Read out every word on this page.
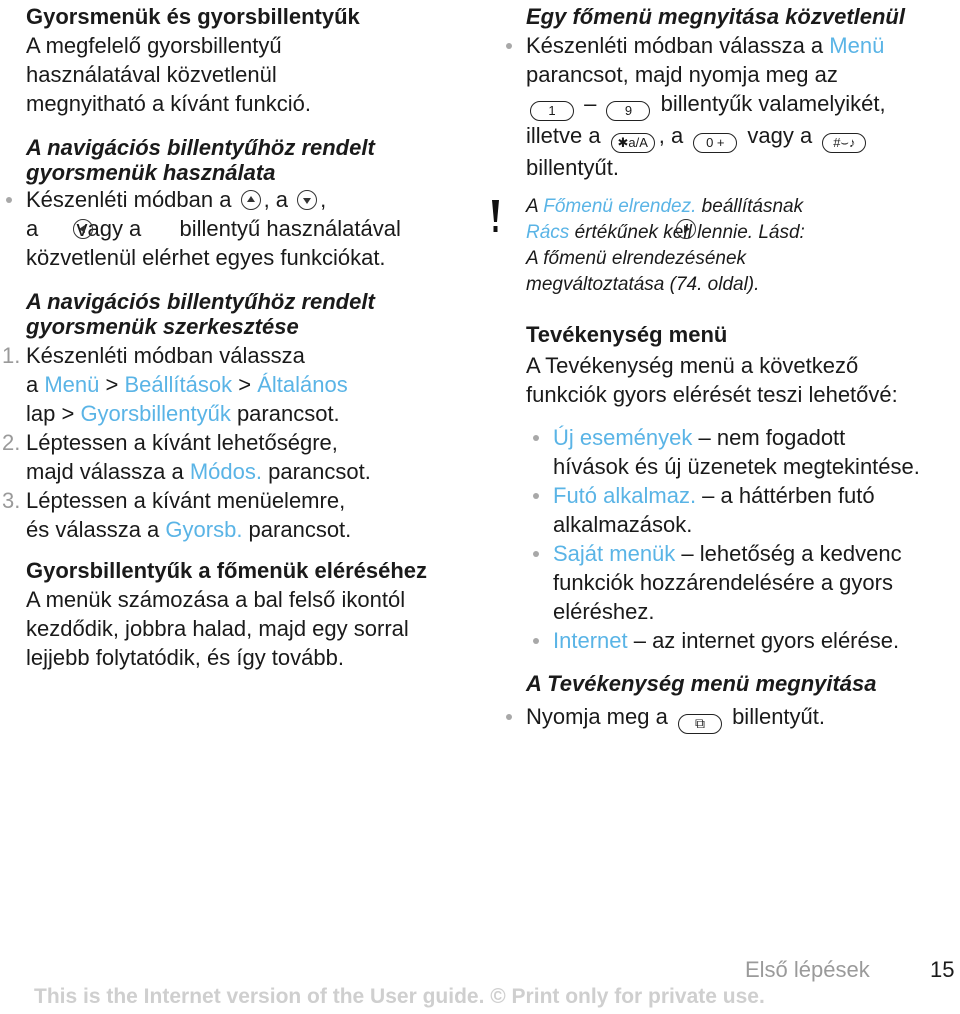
Gyorsmenük és gyorsbillentyűk
A megfelelő gyorsbillentyű
használatával közvetlenül
megnyitható a kívánt funkció.
A navigációs billentyűhöz rendelt
gyorsmenük használata
Készenléti módban a , a ,
a  vagy a  billentyű használatával
közvetlenül elérhet egyes funkciókat.
A navigációs billentyűhöz rendelt
gyorsmenük szerkesztése
1. Készenléti módban válassza
a Menü > Beállítások > Általános
lap > Gyorsbillentyűk parancsot.
2. Léptessen a kívánt lehetőségre,
majd válassza a Módos. parancsot.
3. Léptessen a kívánt menüelemre,
és válassza a Gyorsb. parancsot.
Gyorsbillentyűk a főmenük eléréséhez
A menük számozása a bal felső ikontól
kezdődik, jobbra halad, majd egy sorral
lejjebb folytatódik, és így tovább.
Egy főmenü megnyitása közvetlenül
Készenléti módban válassza a Menü
parancsot, majd nyomja meg az
1 – 9 billentyűk valamelyikét,
illetve a ✱a/A , a 0 + vagy a #⌣♪
billentyűt.
A Főmenü elrendez. beállításnak
Rács értékűnek kell lennie. Lásd:
A főmenü elrendezésének
megváltoztatása (74. oldal).
Tevékenység menü
A Tevékenység menü a következő
funkciók gyors elérését teszi lehetővé:
Új események – nem fogadott
hívások és új üzenetek megtekintése.
Futó alkalmaz. – a háttérben futó
alkalmazások.
Saját menük – lehetőség a kedvenc
funkciók hozzárendelésére a gyors
eléréshez.
Internet – az internet gyors elérése.
A Tevékenység menü megnyitása
Nyomja meg a ⧉ billentyűt.
Első lépések	15
This is the Internet version of the User guide. © Print only for private use.
